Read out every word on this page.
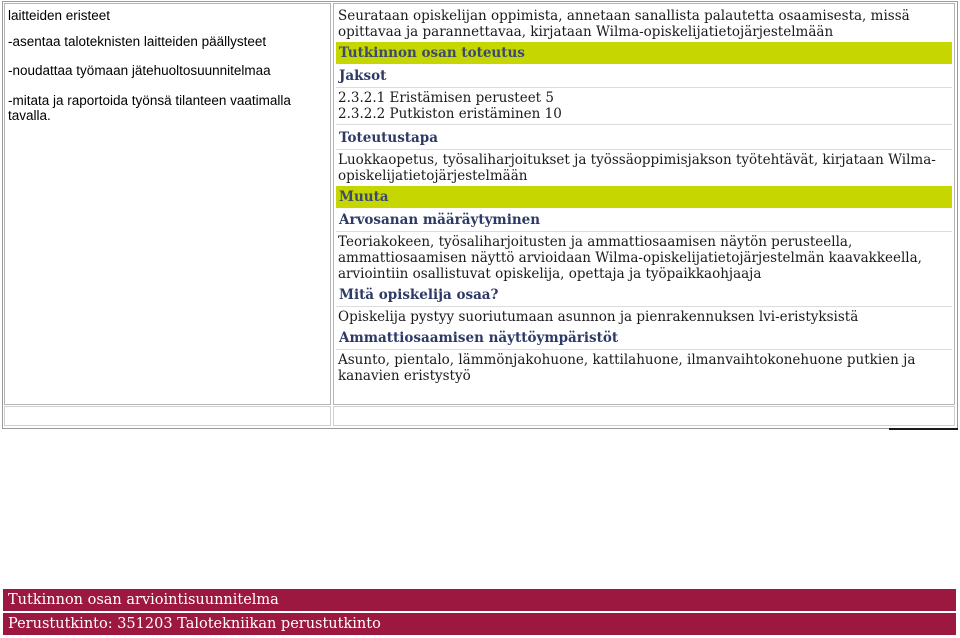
laitteiden eristeet

-asentaa taloteknisten laitteiden päällysteet

-noudattaa työmaan jätehuoltosuunnitelmaa

-mitata ja raportoida työnsä tilanteen vaatimalla tavalla.

Seurataan opiskelijan oppimista, annetaan sanallista palautetta osaamisesta, missä opittavaa ja parannettavaa, kirjataan Wilma-opiskelijatietojärjestelmään

Tutkinnon osan toteutus
Jaksot

2.3.2.1 Eristämisen perusteet 5

2.3.2.2 Putkiston eristäminen 10

Toteutustapa

Luokkaopetus, työsaliharjoitukset ja työssäoppimisjakson työtehtävät, kirjataan Wilma-opiskelijatietojärjestelmään

Muuta
Arvosanan määräytyminen

Teoriakokeen, työsaliharjoitusten ja ammattiosaamisen näytön perusteella, ammattiosaamisen näyttö arvioidaan Wilma-opiskelijatietojärjestelmän kaavakkeella, arviointiin osallistuvat opiskelija, opettaja ja työpaikkaohjaaja

Mitä opiskelija osaa?

Opiskelija pystyy suoriutumaan asunnon ja pienrakennuksen lvi-eristyksistä

Ammattiosaamisen näyttöympäristöt

Asunto, pientalo, lämmönjakohuone, kattilahuone, ilmanvaihtokonehuone putkien ja kanavien eristystyö

Tutkinnon osan arviointisuunnitelma
Perustutkinto: 351203 Talotekniikan perustutkinto
